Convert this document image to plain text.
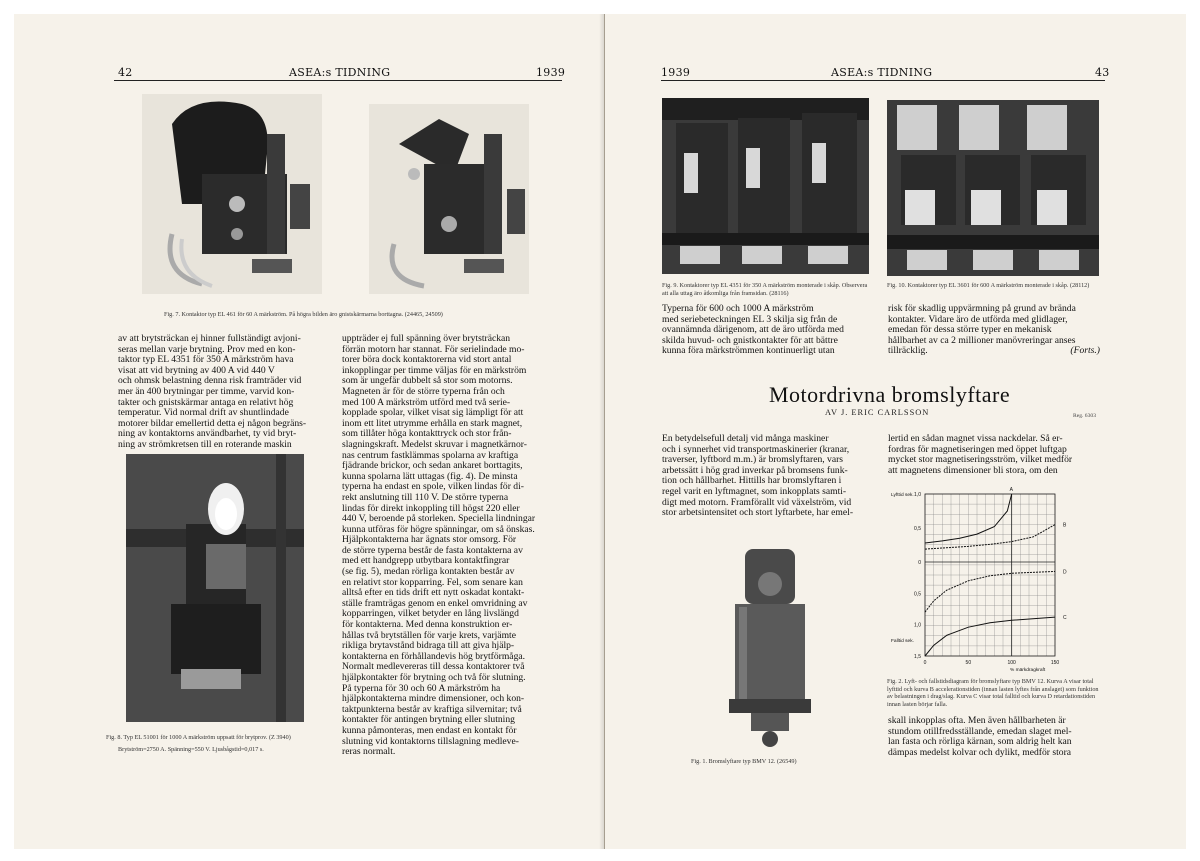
42	ASEA:s TIDNING	1939
Fig. 7. Kontaktor typ EL 461 för 60 A märkström. På högra bilden äro gnistskärmarna borttagna. (24465, 24509)
av att brytsträckan ej hinner fullständigt avjoni-
seras mellan varje brytning. Prov med en kon-
taktor typ EL 4351 för 350 A märkström hava
visat att vid brytning av 400 A vid 440 V
och ohmsk belastning denna risk framträder vid
mer än 400 brytningar per timme, varvid kon-
takter och gnistskärmar antaga en relativt hög
temperatur. Vid normal drift av shuntlindade
motorer bildar emellertid detta ej någon begräns-
ning av kontaktorns användbarhet, ty vid bryt-
ning av strömkretsen till en roterande maskin
Fig. 8. Typ EL 51001 för 1000 A märkström uppsatt för brytprov. (Z 3940)
Brytström=2750 A. Spänning=550 V. Ljusbågstid=0,017 s.
uppträder ej full spänning över brytsträckan
förrän motorn har stannat. För serielindade mo-
torer böra dock kontaktorerna vid stort antal
inkopplingar per timme väljas för en märkström
som är ungefär dubbelt så stor som motorns.
Magneten är för de större typerna från och
med 100 A märkström utförd med två serie-
kopplade spolar, vilket visat sig lämpligt för att
inom ett litet utrymme erhålla en stark magnet,
som tillåter höga kontakttryck och stor från-
slagningskraft. Medelst skruvar i magnetkärnor-
nas centrum fastklämmas spolarna av kraftiga
fjädrande brickor, och sedan ankaret borttagits,
kunna spolarna lätt uttagas (fig. 4). De minsta
typerna ha endast en spole, vilken lindas för di-
rekt anslutning till 110 V. De större typerna
lindas för direkt inkoppling till högst 220 eller
440 V, beroende på storleken. Speciella lindningar
kunna utföras för högre spänningar, om så önskas.
Hjälpkontakterna har ägnats stor omsorg. För
de större typerna består de fasta kontakterna av
med ett handgrepp utbytbara kontaktfingrar
(se fig. 5), medan rörliga kontakten består av
en relativt stor kopparring. Fel, som senare kan
alltså efter en tids drift ett nytt oskadat kontakt-
ställe framträgas genom en enkel omvridning av
kopparringen, vilket betyder en lång livslängd
för kontakterna. Med denna konstruktion er-
hållas två brytställen för varje krets, varjämte
rikliga brytavstånd bidraga till att giva hjälp-
kontakterna en förhållandevis hög brytförmåga.
Normalt medlevereras till dessa kontaktorer två
hjälpkontakter för brytning och två för slutning.
På typerna för 30 och 60 A märkström ha
hjälpkontakterna mindre dimensioner, och kon-
taktpunkterna består av kraftiga silvernitar; två
kontakter för antingen brytning eller slutning
kunna påmonteras, men endast en kontakt för
slutning vid kontaktorns tillslagning medleve-
reras normalt.
1939	ASEA:s TIDNING	43
Fig. 9. Kontaktorer typ EL 4351 för 350 A märkström monterade i skåp. Observera att alla uttag äro åtkomliga från framsidan. (28116)
Fig. 10. Kontaktorer typ EL 3601 för 600 A märkström monterade i skåp. (28112)
Typerna för 600 och 1000 A märkström
med seriebeteckningen EL 3 skilja sig från de
ovannämnda därigenom, att de äro utförda med
skilda huvud- och gnistkontakter för att bättre
kunna föra märkströmmen kontinuerligt utan
risk för skadlig uppvärmning på grund av brända
kontakter. Vidare äro de utförda med glidlager,
emedan för dessa större typer en mekanisk
hållbarhet av ca 2 millioner manövreringar anses
tillräcklig.	(Forts.)
Motordrivna bromslyftare
AV J. ERIC CARLSSON	Reg. 6303
En betydelsefull detalj vid många maskiner
och i synnerhet vid transportmaskinerier (kranar,
traverser, lyftbord m.m.) är bromslyftaren, vars
arbetssätt i hög grad inverkar på bromsens funk-
tion och hållbarhet. Hittills har bromslyftaren i
regel varit en lyftmagnet, som inkopplats samti-
digt med motorn. Framförallt vid växelström, vid
stor arbetsintensitet och stort lyftarbete, har emel-
lertid en sådan magnet vissa nackdelar. Så er-
fordras för magnetiseringen med öppet luftgap
mycket stor magnetiseringsström, vilket medför
att magnetens dimensioner bli stora, om den
Fig. 1. Bromslyftare typ BMV 12. (26549)
A
B
C
D
Lyfttid sek. 1,0
0,5
0
0,5
1,0
1,5
Falltid sek.
0	50	100	150
% märkdragkraft
Fig. 2. Lyft- och fallstidsdiagram för bromslyftare typ BMV 12. Kurva A visar total lyfttid och kurva B accelerationstiden (innan lasten lyftes från anslaget) som funktion av belastningen i drag/slag. Kurva C visar total falltid och kurva D retardationstiden innan lasten börjar falla.
skall inkopplas ofta. Men även hållbarheten är
stundom otillfredsställande, emedan slaget mel-
lan fasta och rörliga kärnan, som aldrig helt kan
dämpas medelst kolvar och dylikt, medför stora
